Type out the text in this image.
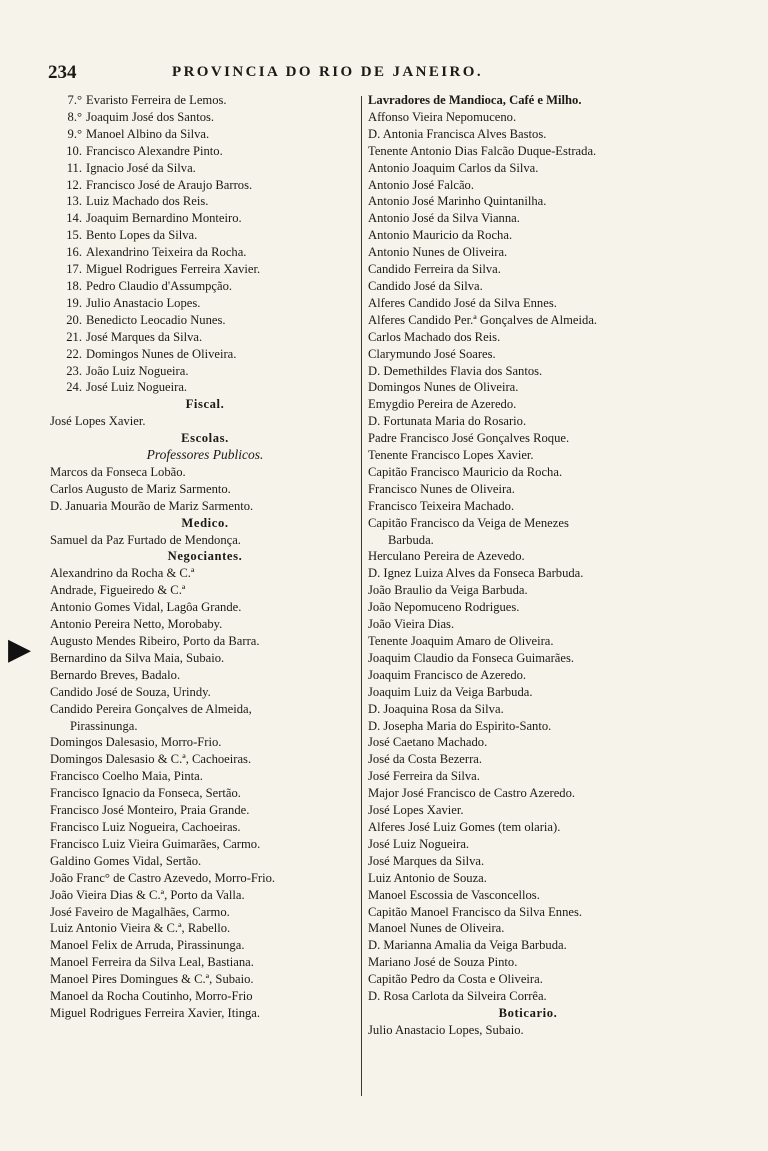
234	PROVINCIA DO RIO DE JANEIRO.
7.° Evaristo Ferreira de Lemos.
8.° Joaquim José dos Santos.
9.° Manoel Albino da Silva.
10. Francisco Alexandre Pinto.
11. Ignacio José da Silva.
12. Francisco José de Araujo Barros.
13. Luiz Machado dos Reis.
14. Joaquim Bernardino Monteiro.
15. Bento Lopes da Silva.
16. Alexandrino Teixeira da Rocha.
17. Miguel Rodrigues Ferreira Xavier.
18. Pedro Claudio d'Assumpção.
19. Julio Anastacio Lopes.
20. Benedicto Leocadio Nunes.
21. José Marques da Silva.
22. Domingos Nunes de Oliveira.
23. João Luiz Nogueira.
24. José Luiz Nogueira.
Fiscal.
José Lopes Xavier.
Escolas.
Professores Publicos.
Marcos da Fonseca Lobão.
Carlos Augusto de Mariz Sarmento.
D. Januaria Mourão de Mariz Sarmento.
Medico.
Samuel da Paz Furtado de Mendonça.
Negociantes.
Alexandrino da Rocha & C.ª
Andrade, Figueiredo & C.ª
Antonio Gomes Vidal, Lagôa Grande.
Antonio Pereira Netto, Morobaby.
Augusto Mendes Ribeiro, Porto da Barra.
Bernardino da Silva Maia, Subaio.
Bernardo Breves, Badalo.
Candido José de Souza, Urindy.
Candido Pereira Gonçalves de Almeida,
Pirassinunga.
Domingos Dalesasio, Morro-Frio.
Domingos Dalesasio & C.ª, Cachoeiras.
Francisco Coelho Maia, Pinta.
Francisco Ignacio da Fonseca, Sertão.
Francisco José Monteiro, Praia Grande.
Francisco Luiz Nogueira, Cachoeiras.
Francisco Luiz Vieira Guimarães, Carmo.
Galdino Gomes Vidal, Sertão.
João Franc° de Castro Azevedo, Morro-Frio.
João Vieira Dias & C.ª, Porto da Valla.
José Faveiro de Magalhães, Carmo.
Luiz Antonio Vieira & C.ª, Rabello.
Manoel Felix de Arruda, Pirassinunga.
Manoel Ferreira da Silva Leal, Bastiana.
Manoel Pires Domingues & C.ª, Subaio.
Manoel da Rocha Coutinho, Morro-Frio
Miguel Rodrigues Ferreira Xavier, Itinga.
Lavradores de Mandioca, Café e Milho.
Affonso Vieira Nepomuceno.
D. Antonia Francisca Alves Bastos.
Tenente Antonio Dias Falcão Duque-Estrada.
Antonio Joaquim Carlos da Silva.
Antonio José Falcão.
Antonio José Marinho Quintanilha.
Antonio José da Silva Vianna.
Antonio Mauricio da Rocha.
Antonio Nunes de Oliveira.
Candido Ferreira da Silva.
Candido José da Silva.
Alferes Candido José da Silva Ennes.
Alferes Candido Per.ª Gonçalves de Almeida.
Carlos Machado dos Reis.
Clarymundo José Soares.
D. Demethildes Flavia dos Santos.
Domingos Nunes de Oliveira.
Emygdio Pereira de Azeredo.
D. Fortunata Maria do Rosario.
Padre Francisco José Gonçalves Roque.
Tenente Francisco Lopes Xavier.
Capitão Francisco Mauricio da Rocha.
Francisco Nunes de Oliveira.
Francisco Teixeira Machado.
Capitão Francisco da Veiga de Menezes
Barbuda.
Herculano Pereira de Azevedo.
D. Ignez Luiza Alves da Fonseca Barbuda.
João Braulio da Veiga Barbuda.
João Nepomuceno Rodrigues.
João Vieira Dias.
Tenente Joaquim Amaro de Oliveira.
Joaquim Claudio da Fonseca Guimarães.
Joaquim Francisco de Azeredo.
Joaquim Luiz da Veiga Barbuda.
D. Joaquina Rosa da Silva.
D. Josepha Maria do Espirito-Santo.
José Caetano Machado.
José da Costa Bezerra.
José Ferreira da Silva.
Major José Francisco de Castro Azeredo.
José Lopes Xavier.
Alferes José Luiz Gomes (tem olaria).
José Luiz Nogueira.
José Marques da Silva.
Luiz Antonio de Souza.
Manoel Escossia de Vasconcellos.
Capitão Manoel Francisco da Silva Ennes.
Manoel Nunes de Oliveira.
D. Marianna Amalia da Veiga Barbuda.
Mariano José de Souza Pinto.
Capitão Pedro da Costa e Oliveira.
D. Rosa Carlota da Silveira Corrêa.
Boticario.
Julio Anastacio Lopes, Subaio.
▶
